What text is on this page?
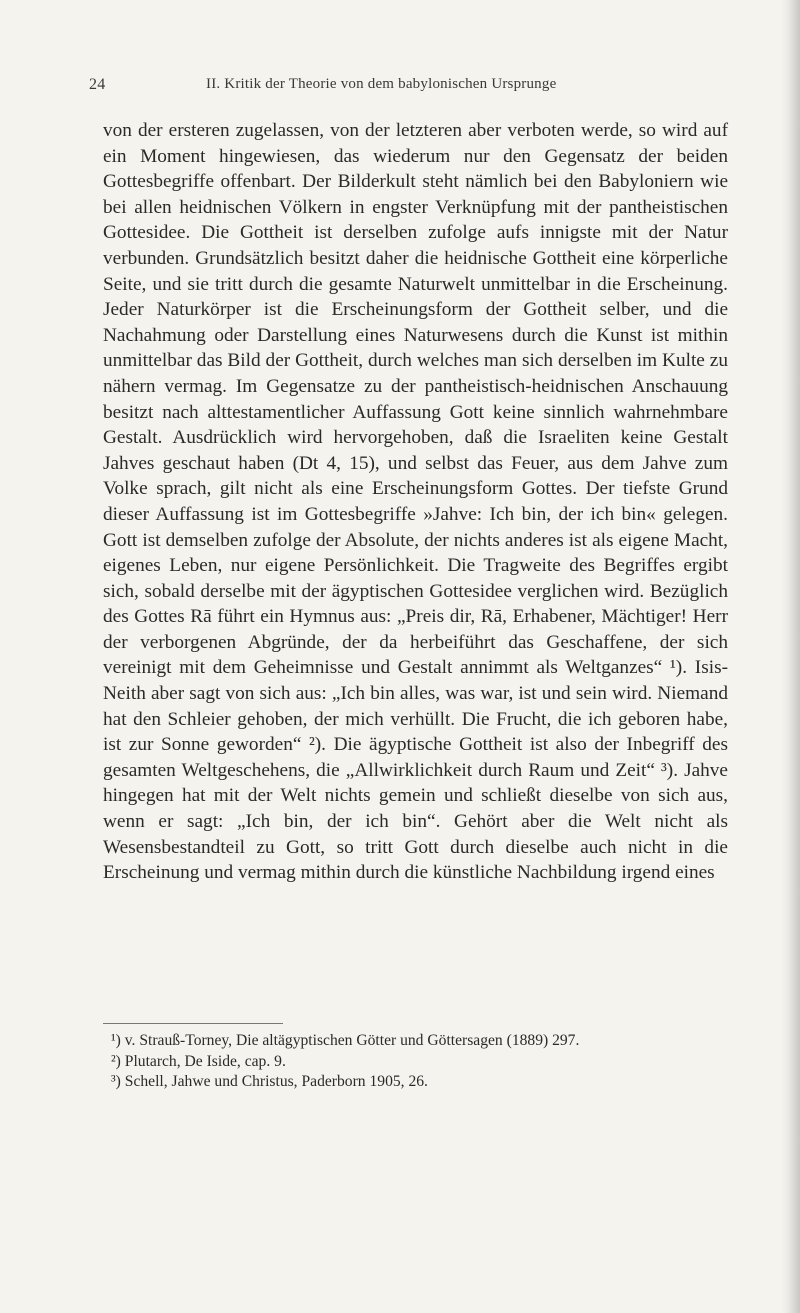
24	II. Kritik der Theorie von dem babylonischen Ursprunge

von der ersteren zugelassen, von der letzteren aber verboten werde, so wird auf ein Moment hingewiesen, das wiederum nur den Gegensatz der beiden Gottesbegriffe offenbart. Der Bilderkult steht nämlich bei den Babyloniern wie bei allen heidnischen Völkern in engster Verknüpfung mit der pantheistischen Gottesidee. Die Gottheit ist derselben zufolge aufs innigste mit der Natur verbunden. Grundsätzlich besitzt daher die heidnische Gottheit eine körperliche Seite, und sie tritt durch die gesamte Naturwelt unmittelbar in die Erscheinung. Jeder Naturkörper ist die Erscheinungsform der Gottheit selber, und die Nachahmung oder Darstellung eines Naturwesens durch die Kunst ist mithin unmittelbar das Bild der Gottheit, durch welches man sich derselben im Kulte zu nähern vermag. Im Gegensatze zu der pantheistisch-heidnischen Anschauung besitzt nach alttestamentlicher Auffassung Gott keine sinnlich wahrnehmbare Gestalt. Ausdrücklich wird hervorgehoben, daß die Israeliten keine Gestalt Jahves geschaut haben (Dt 4, 15), und selbst das Feuer, aus dem Jahve zum Volke sprach, gilt nicht als eine Erscheinungsform Gottes. Der tiefste Grund dieser Auffassung ist im Gottesbegriffe »Jahve: Ich bin, der ich bin« gelegen. Gott ist demselben zufolge der Absolute, der nichts anderes ist als eigene Macht, eigenes Leben, nur eigene Persönlichkeit. Die Tragweite des Begriffes ergibt sich, sobald derselbe mit der ägyptischen Gottesidee verglichen wird. Bezüglich des Gottes Rā führt ein Hymnus aus: „Preis dir, Rā, Erhabener, Mächtiger! Herr der verborgenen Abgründe, der da herbeiführt das Geschaffene, der sich vereinigt mit dem Geheimnisse und Gestalt annimmt als Weltganzes“ ¹). Isis-Neith aber sagt von sich aus: „Ich bin alles, was war, ist und sein wird. Niemand hat den Schleier gehoben, der mich verhüllt. Die Frucht, die ich geboren habe, ist zur Sonne geworden“ ²). Die ägyptische Gottheit ist also der Inbegriff des gesamten Weltgeschehens, die „Allwirklichkeit durch Raum und Zeit“ ³). Jahve hingegen hat mit der Welt nichts gemein und schließt dieselbe von sich aus, wenn er sagt: „Ich bin, der ich bin“. Gehört aber die Welt nicht als Wesensbestandteil zu Gott, so tritt Gott durch dieselbe auch nicht in die Erscheinung und vermag mithin durch die künstliche Nachbildung irgend eines

¹) v. Strauß-Torney, Die altägyptischen Götter und Göttersagen (1889) 297.

²) Plutarch, De Iside, cap. 9.

³) Schell, Jahwe und Christus, Paderborn 1905, 26.
